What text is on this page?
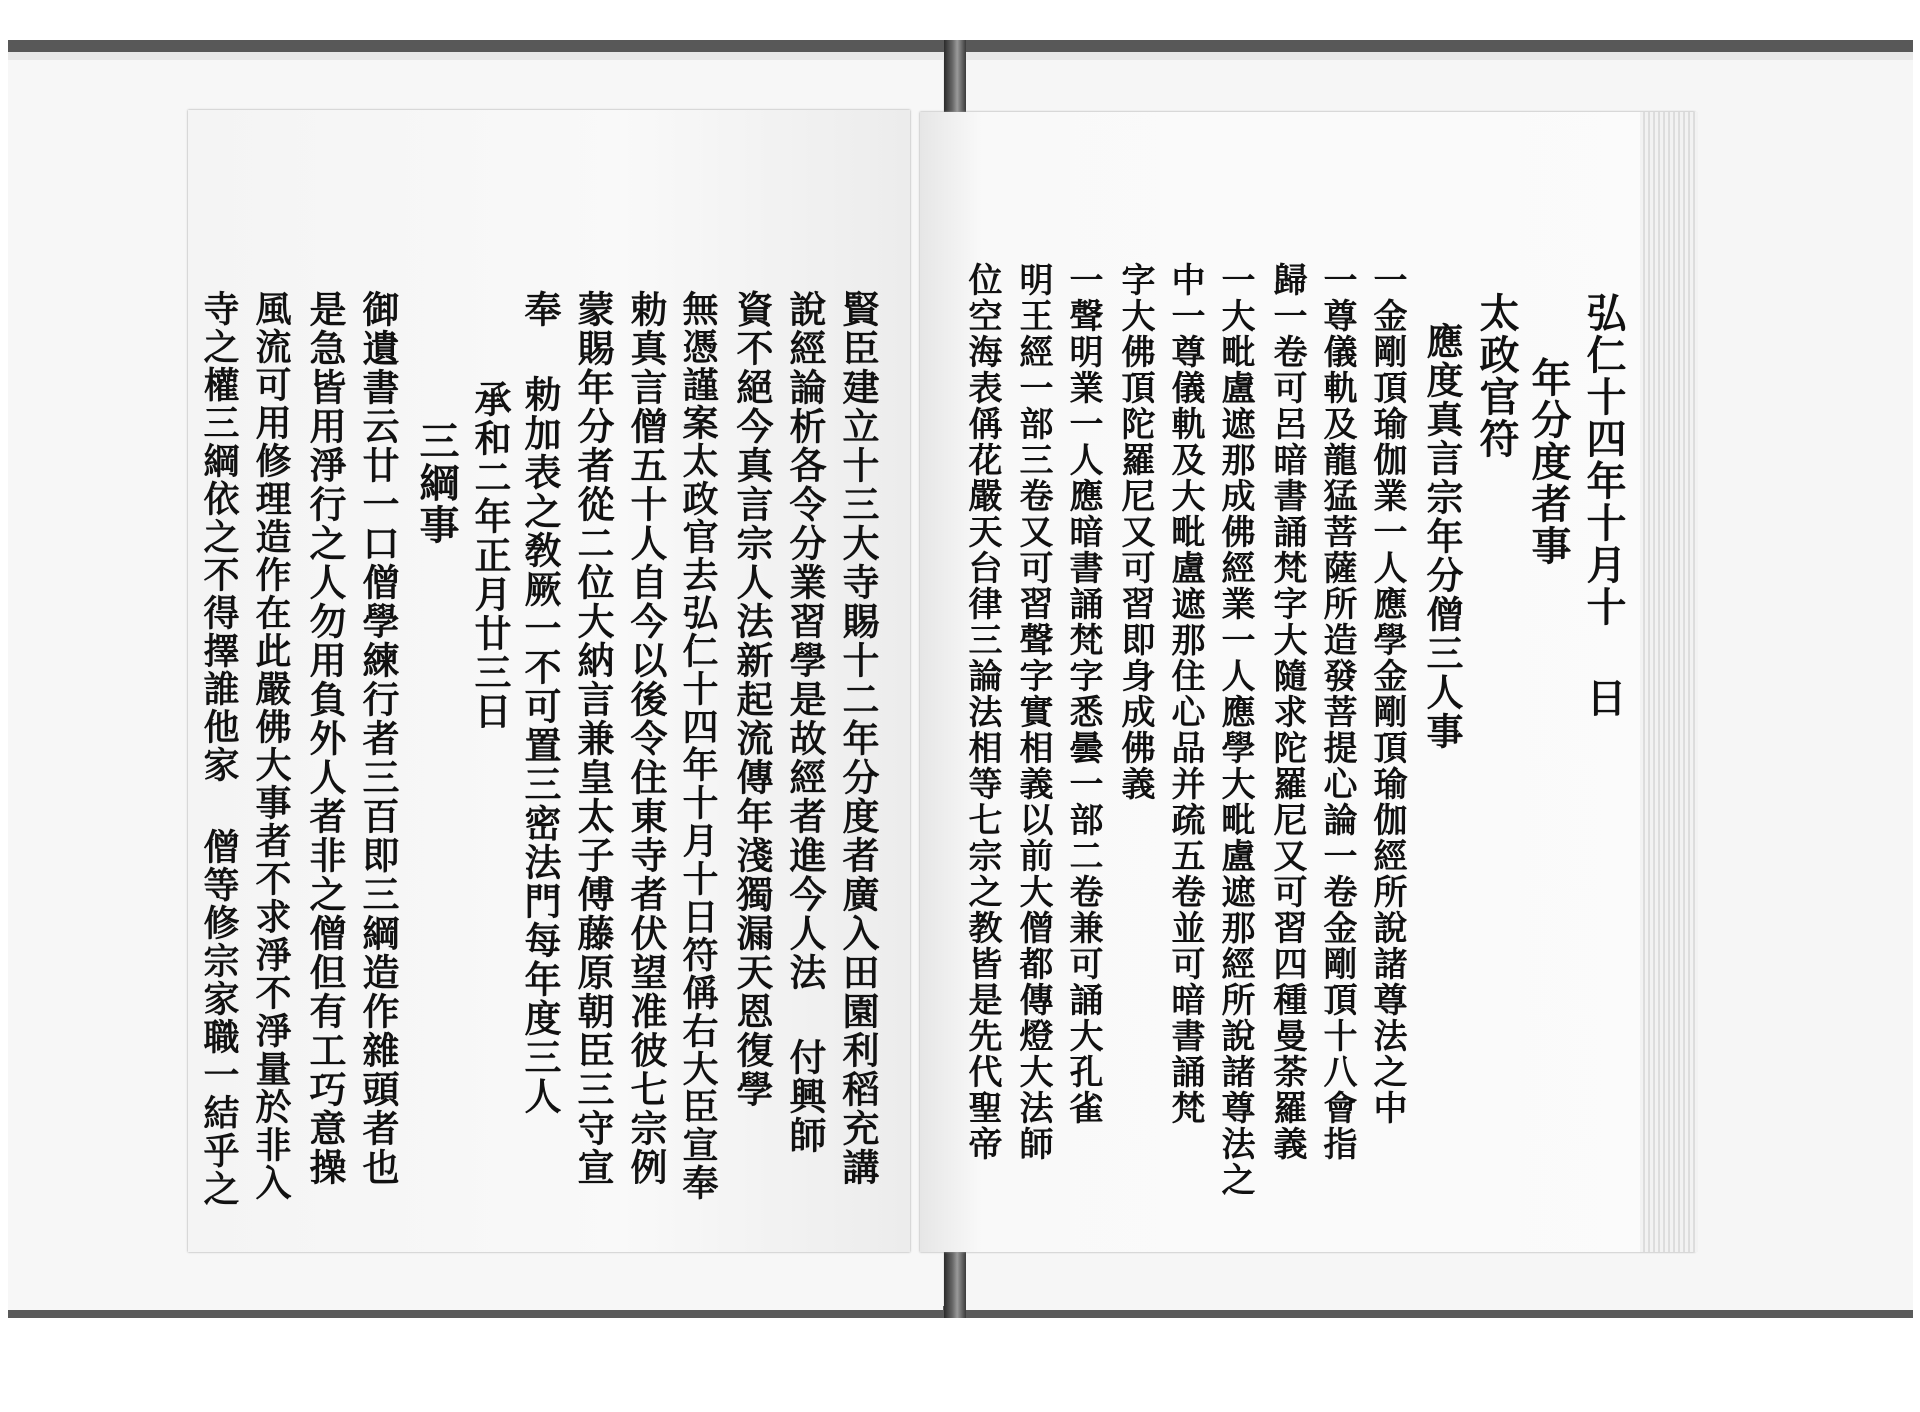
賢臣建立十三大寺賜十二年分度者廣入田園利稻充講
說經論析各令分業習學是故經者進今人法 付興師
資不絕今真言宗人法新起流傳年淺獨漏天恩復學
無憑謹案太政官去弘仁十四年十月十日符偁右大臣宣奉
勅真言僧五十人自今以後令住東寺者伏望准彼七宗例
蒙賜年分者從二位大納言兼皇太子傅藤原朝臣三守宣
奉 勅加表之敎厥一不可置三密法門每年度三人
承和二年正月廿三日
三綱事
御遺書云廿一口僧學練行者三百即三綱造作雜頭者也
是急皆用淨行之人勿用負外人者非之僧但有工巧意操
風流可用修理造作在此嚴佛大事者不求淨不淨量於非入
寺之權三綱依之不得擇誰他家 僧等修宗家職一結乎之
　	弘仁十四年十月十 日
年分度者事
太政官符
應度真言宗年分僧三人事
一金剛頂瑜伽業一人應學金剛頂瑜伽經所說諸尊法之中
一尊儀軌及龍猛菩薩所造發菩提心論一卷金剛頂十八會指
歸一卷可呂暗書誦梵字大隨求陀羅尼又可習四種曼荼羅義
一大毗盧遮那成佛經業一人應學大毗盧遮那經所說諸尊法之
中一尊儀軌及大毗盧遮那住心品并疏五卷並可暗書誦梵
字大佛頂陀羅尼又可習即身成佛義
一聲明業一人應暗書誦梵字悉曇一部二卷兼可誦大孔雀
明王經一部三卷又可習聲字實相義以前大僧都傳燈大法師
位空海表偁花嚴天台律三論法相等七宗之教皆是先代聖帝
